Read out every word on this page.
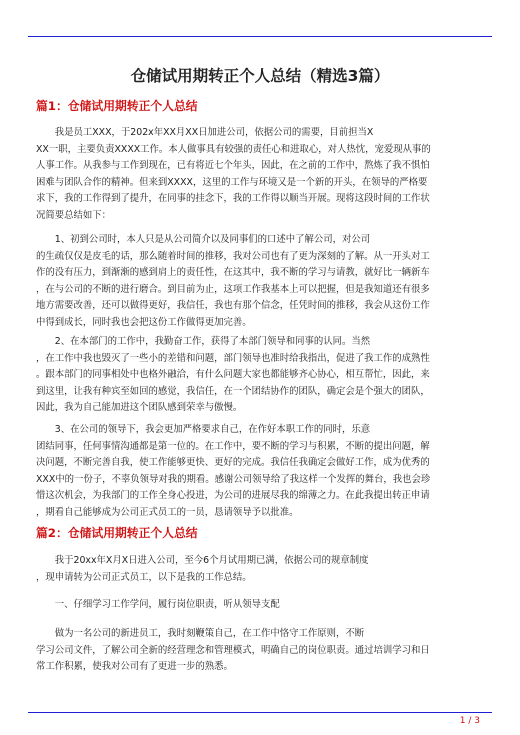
仓储试用期转正个人总结（精选3篇）
篇1：仓储试用期转正个人总结
　　我是员工XXX，于202x年XX月XX日加进公司，依据公司的需要，目前担当X
XX一职，主要负责XXXX工作。本人做事具有较强的责任心和进取心，对人热忱，宠爱现从事的
人事工作。从我参与工作到现在，已有将近七个年头，因此，在之前的工作中，熬炼了我不惧怕
困难与团队合作的精神。但来到XXXX，这里的工作与环境又是一个新的开头，在领导的严格要
求下，我的工作得到了提升，在同事的挂念下，我的工作得以顺当开展。现将这段时间的工作状
况简要总结如下：
　　1、初到公司时，本人只是从公司简介以及同事们的口述中了解公司，对公司
的生疏仅仅是皮毛的话，那么随着时间的推移，我对公司也有了更为深刻的了解。从一开头对工
作的没有压力，到渐渐的感到肩上的责任性，在这其中，我不断的学习与请教，就好比一辆新车
，在与公司的不断的进行磨合。到目前为止，这项工作我基本上可以把握，但是我知道还有很多
地方需要改善，还可以做得更好，我信任，我也有那个信念，任凭时间的推移，我会从这份工作
中得到成长，同时我也会把这份工作做得更加完善。
　　2、在本部门的工作中，我勤奋工作，获得了本部门领导和同事的认同。当然
，在工作中我也毁灭了一些小的差错和问题，部门领导也准时给我指出，促进了我工作的成熟性
。跟本部门的同事相处中也格外融洽，有什么问题大家也都能够齐心协心，相互帮忙，因此，来
到这里，让我有种宾至如回的感觉，我信任，在一个团结协作的团队，确定会是个强大的团队，
因此，我为自己能加进这个团队感到荣幸与傲慢。
　　3、在公司的领导下，我会更加严格要求自己，在作好本职工作的同时，乐意
团结同事，任何事情沟通都是第一位的。在工作中，要不断的学习与积累，不断的提出问题，解
决问题，不断完善自我，使工作能够更快、更好的完成。我信任我确定会做好工作，成为优秀的
XXX中的一份子，不辜负领导对我的期看。感谢公司领导给了我这样一个发挥的舞台，我也会珍
惜这次机会，为我部门的工作全身心投进，为公司的进展尽我的绵薄之力。在此我提出转正申请
，期看自己能够成为公司正式员工的一员，恳请领导予以批准。
篇2：仓储试用期转正个人总结
　　我于20xx年X月X日进入公司，至今6个月试用期已满，依据公司的规章制度
，现申请转为公司正式员工，以下是我的工作总结。
　　一、仔细学习工作学问，履行岗位职责，听从领导支配
　　做为一名公司的新进员工，我时刻鞭策自己，在工作中恪守工作原则，不断
学习公司文件，了解公司全新的经营理念和管理模式，明确自己的岗位职责。通过培训学习和日
常工作积累，使我对公司有了更进一步的熟悉。
1 / 3
